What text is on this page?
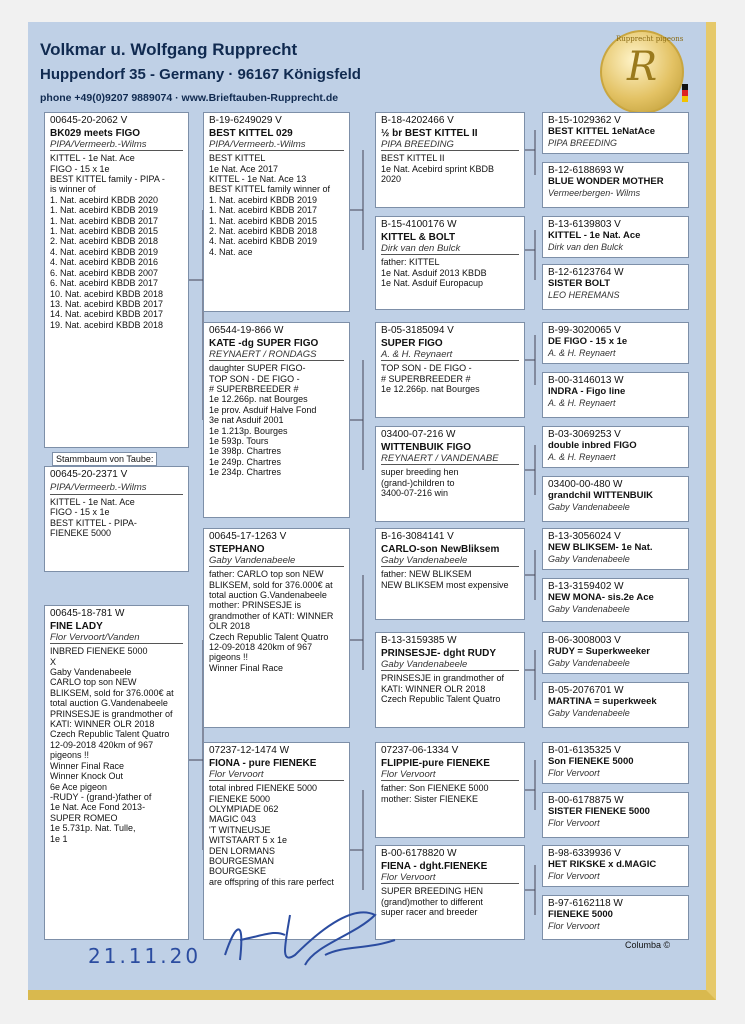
Volkmar u. Wolfgang Rupprecht
Huppendorf 35 - Germany · 96167 Königsfeld
phone +49(0)9207 9889074 · www.Brieftauben-Rupprecht.de
Rupprecht pigeons
R
00645-20-2062 V
BK029 meets FIGO
PIPA/Vermeerb.-Wilms
KITTEL - 1e Nat. Ace
FIGO - 15 x 1e
BEST KITTEL family - PIPA -
is winner of
1. Nat. acebird KBDB 2020
1. Nat. acebird KBDB 2019
1. Nat. acebird KBDB 2017
1. Nat. acebird KBDB 2015
2. Nat. acebird KBDB 2018
4. Nat. acebird KBDB 2019
4. Nat. acebird KBDB 2016
6. Nat. acebird KBDB 2007
6. Nat. acebird KBDB 2017
10. Nat. acebird KBDB 2018
13. Nat. acebird KBDB 2017
14. Nat. acebird KBDB 2017
19. Nat. acebird KBDB 2018
Stammbaum von Taube:
00645-20-2371 V
PIPA/Vermeerb.-Wilms
KITTEL - 1e Nat. Ace
FIGO - 15 x 1e
BEST KITTEL - PIPA-
FIENEKE 5000
00645-18-781 W
FINE LADY
Flor Vervoort/Vanden
INBRED FIENEKE 5000
X
Gaby Vandenabeele
CARLO top son NEW
BLIKSEM, sold for 376.000€ at
total auction G.Vandenabeele
PRINSESJE is grandmother of
KATI: WINNER OLR 2018
Czech Republic Talent Quatro
12-09-2018 420km of 967
pigeons !!
Winner Final Race
Winner Knock Out
6e Ace pigeon
-RUDY - (grand-)father of
1e Nat. Ace Fond 2013-
SUPER ROMEO
1e 5.731p. Nat. Tulle,
1e 1
B-19-6249029 V
BEST KITTEL 029
PIPA/Vermeerb.-Wilms
BEST KITTEL
1e Nat. Ace 2017
KITTEL - 1e Nat. Ace 13
BEST KITTEL family winner of
1. Nat. acebird KBDB 2019
1. Nat. acebird KBDB 2017
1. Nat. acebird KBDB 2015
2. Nat. acebird KBDB 2018
4. Nat. acebird KBDB 2019
4. Nat. ace
06544-19-866 W
KATE -dg SUPER FIGO
REYNAERT / RONDAGS
daughter SUPER FIGO-
TOP SON - DE FIGO -
# SUPERBREEDER #
1e 12.266p. nat Bourges
1e prov. Asduif Halve Fond
3e nat Asduif 2001
1e 1.213p. Bourges
1e 593p. Tours
1e 398p. Chartres
1e 249p. Chartres
1e 234p. Chartres
00645-17-1263 V
STEPHANO
Gaby Vandenabeele
father: CARLO top son NEW
BLIKSEM, sold for 376.000€ at
total auction G.Vandenabeele
mother: PRINSESJE is
grandmother of KATI: WINNER
OLR 2018
Czech Republic Talent Quatro
12-09-2018 420km of 967
pigeons !!
Winner Final Race
07237-12-1474 W
FIONA - pure FIENEKE
Flor Vervoort
total inbred FIENEKE 5000
FIENEKE 5000
OLYMPIADE 062
MAGIC 043
'T WITNEUSJE
WITSTAART 5 x 1e
DEN LORMANS
BOURGESMAN
BOURGESKE
are offspring of this rare perfect
B-18-4202466 V
½ br BEST KITTEL II
PIPA BREEDING
BEST KITTEL II
1e Nat. Acebird sprint KBDB
2020
B-15-4100176 W
KITTEL & BOLT
Dirk van den Bulck
father: KITTEL
1e Nat. Asduif 2013 KBDB
1e Nat. Asduif Europacup
B-05-3185094 V
SUPER FIGO
A. & H. Reynaert
TOP SON - DE FIGO -
# SUPERBREEDER #
1e 12.266p. nat Bourges
03400-07-216 W
WITTENBUIK FIGO
REYNAERT / VANDENABE
super breeding hen
(grand-)children to
3400-07-216 win
B-16-3084141 V
CARLO-son NewBliksem
Gaby Vandenabeele
father: NEW BLIKSEM
NEW BLIKSEM most expensive
B-13-3159385 W
PRINSESJE- dght RUDY
Gaby Vandenabeele
PRINSESJE in grandmother of
KATI: WINNER OLR 2018
Czech Republic Talent Quatro
07237-06-1334 V
FLIPPIE-pure FIENEKE
Flor Vervoort
father: Son FIENEKE 5000
mother: Sister FIENEKE
B-00-6178820 W
FIENA - dght.FIENEKE
Flor Vervoort
SUPER BREEDING HEN
(grand)mother to different
super racer and breeder
B-15-1029362 V
BEST KITTEL 1eNatAce
PIPA BREEDING
B-12-6188693 W
BLUE WONDER MOTHER
Vermeerbergen- Wilms
B-13-6139803 V
KITTEL - 1e Nat. Ace
Dirk van den Bulck
B-12-6123764 W
SISTER BOLT
LEO HEREMANS
B-99-3020065 V
DE FIGO - 15 x 1e
A. & H. Reynaert
B-00-3146013 W
INDRA - Figo line
A. & H. Reynaert
B-03-3069253 V
double inbred FIGO
A. & H. Reynaert
03400-00-480 W
grandchil WITTENBUIK
Gaby Vandenabeele
B-13-3056024 V
NEW BLIKSEM- 1e Nat.
Gaby Vandenabeele
B-13-3159402 W
NEW MONA- sis.2e Ace
Gaby Vandenabeele
B-06-3008003 V
RUDY = Superkweeker
Gaby Vandenabeele
B-05-2076701 W
MARTINA = superkweek
Gaby Vandenabeele
B-01-6135325 V
Son FIENEKE 5000
Flor Vervoort
B-00-6178875 W
SISTER FIENEKE 5000
Flor Vervoort
B-98-6339936 V
HET RIKSKE x d.MAGIC
Flor Vervoort
B-97-6162118 W
FIENEKE 5000
Flor Vervoort
Columba ©
21.11.20
